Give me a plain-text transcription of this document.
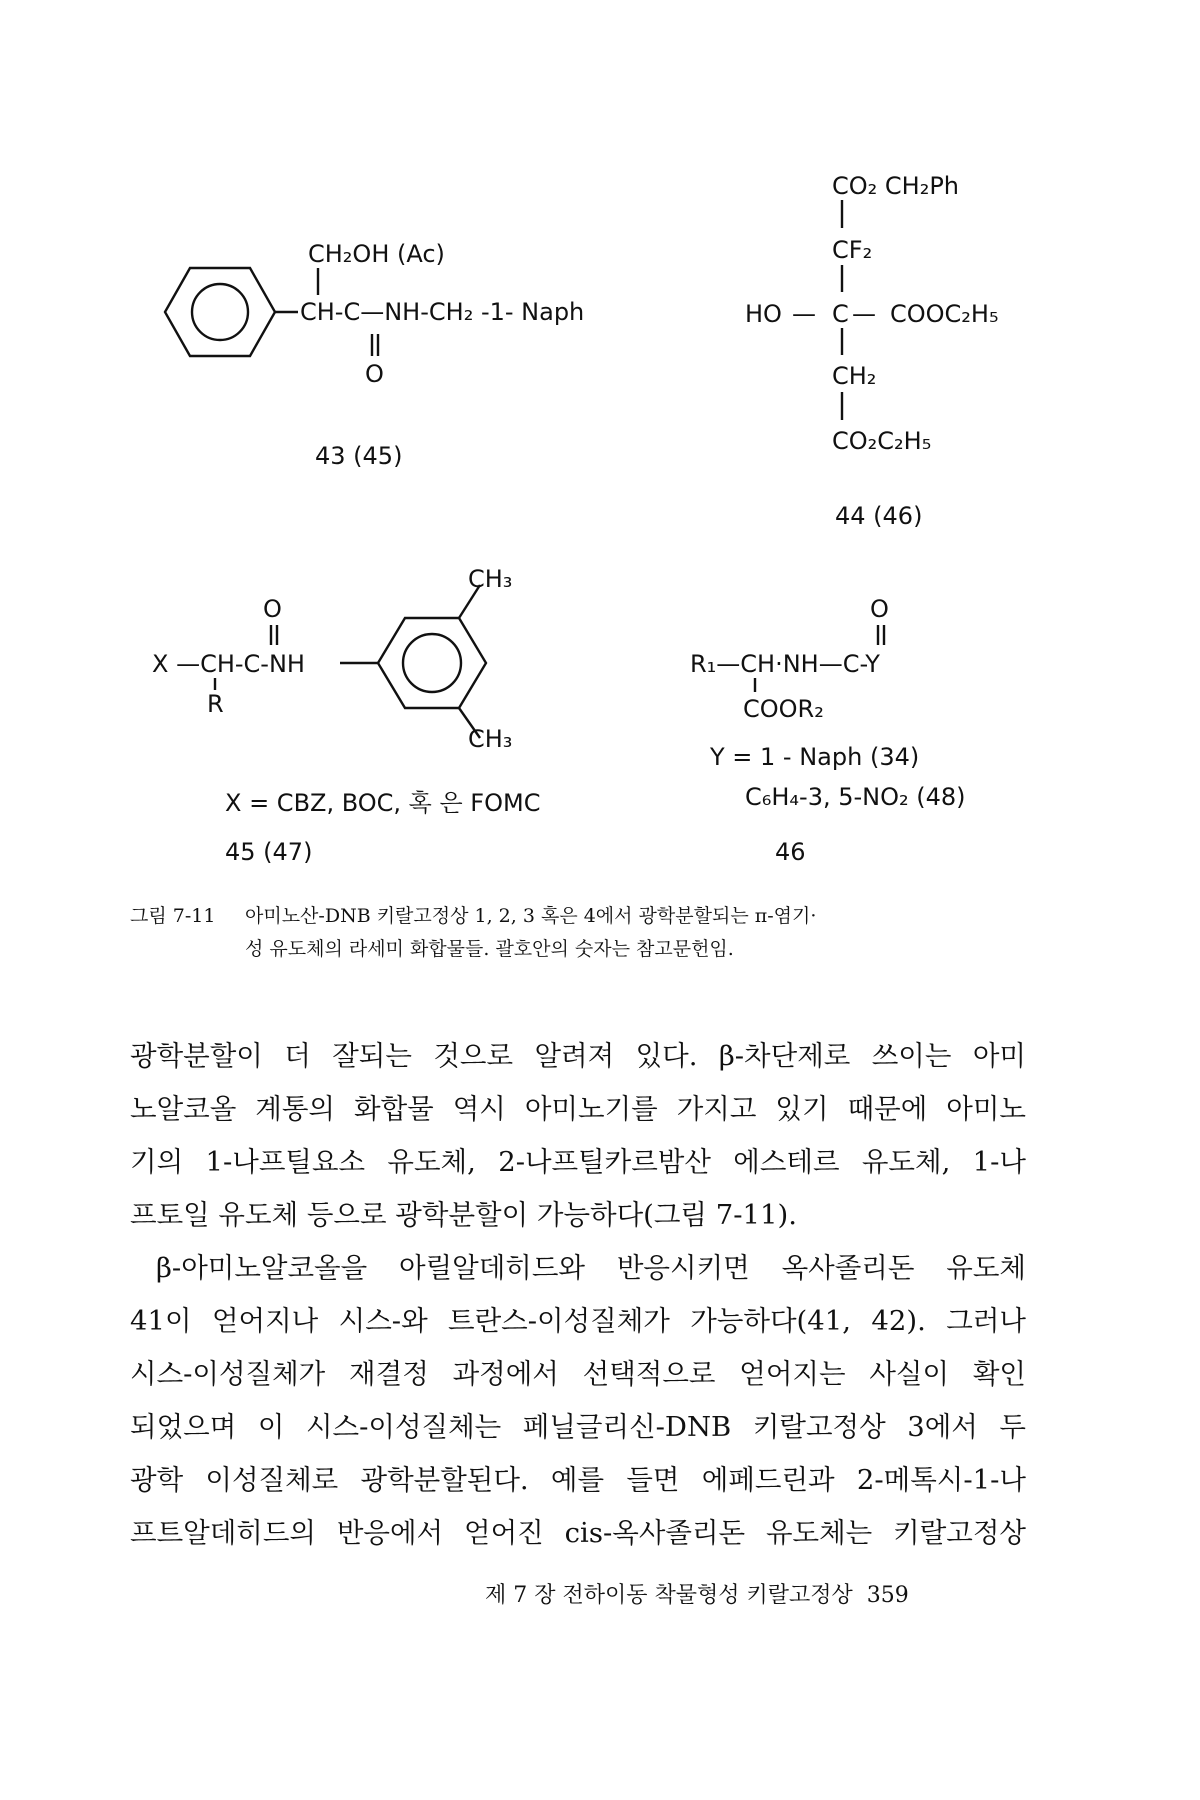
CH₂OH (Ac)
CH-C—NH-CH₂ -1- Naph
O
43 (45)
CO₂ CH₂Ph
CF₂
HO — C — COOC₂H₅
CH₂
CO₂C₂H₅
44 (46)
O
X —CH-C-NH
R
CH₃
CH₃
X = CBZ, BOC, 혹 은 FOMC
45 (47)
O
R₁—CH·NH—C-Y
COOR₂
Y = 1 - Naph (34)
C₆H₄-3, 5-NO₂ (48)
46
그림 7-11 아미노산-DNB 키랄고정상 1, 2, 3 혹은 4에서 광학분할되는 π-염기·
성 유도체의 라세미 화합물들. 괄호안의 숫자는 참고문헌임.

광학분할이 더 잘되는 것으로 알려져 있다. β-차단제로 쓰이는 아미

노알코올 계통의 화합물 역시 아미노기를 가지고 있기 때문에 아미노

기의 1-나프틸요소 유도체, 2-나프틸카르밤산 에스테르 유도체, 1-나

프토일 유도체 등으로 광학분할이 가능하다(그림 7-11).

β-아미노알코올을 아릴알데히드와 반응시키면 옥사졸리돈 유도체

41이 얻어지나 시스-와 트란스-이성질체가 가능하다(41, 42). 그러나

시스-이성질체가 재결정 과정에서 선택적으로 얻어지는 사실이 확인

되었으며 이 시스-이성질체는 페닐글리신-DNB 키랄고정상 3에서 두

광학 이성질체로 광학분할된다. 예를 들면 에페드린과 2-메톡시-1-나

프트알데히드의 반응에서 얻어진 cis-옥사졸리돈 유도체는 키랄고정상

제 7 장 전하이동 착물형성 키랄고정상 359
